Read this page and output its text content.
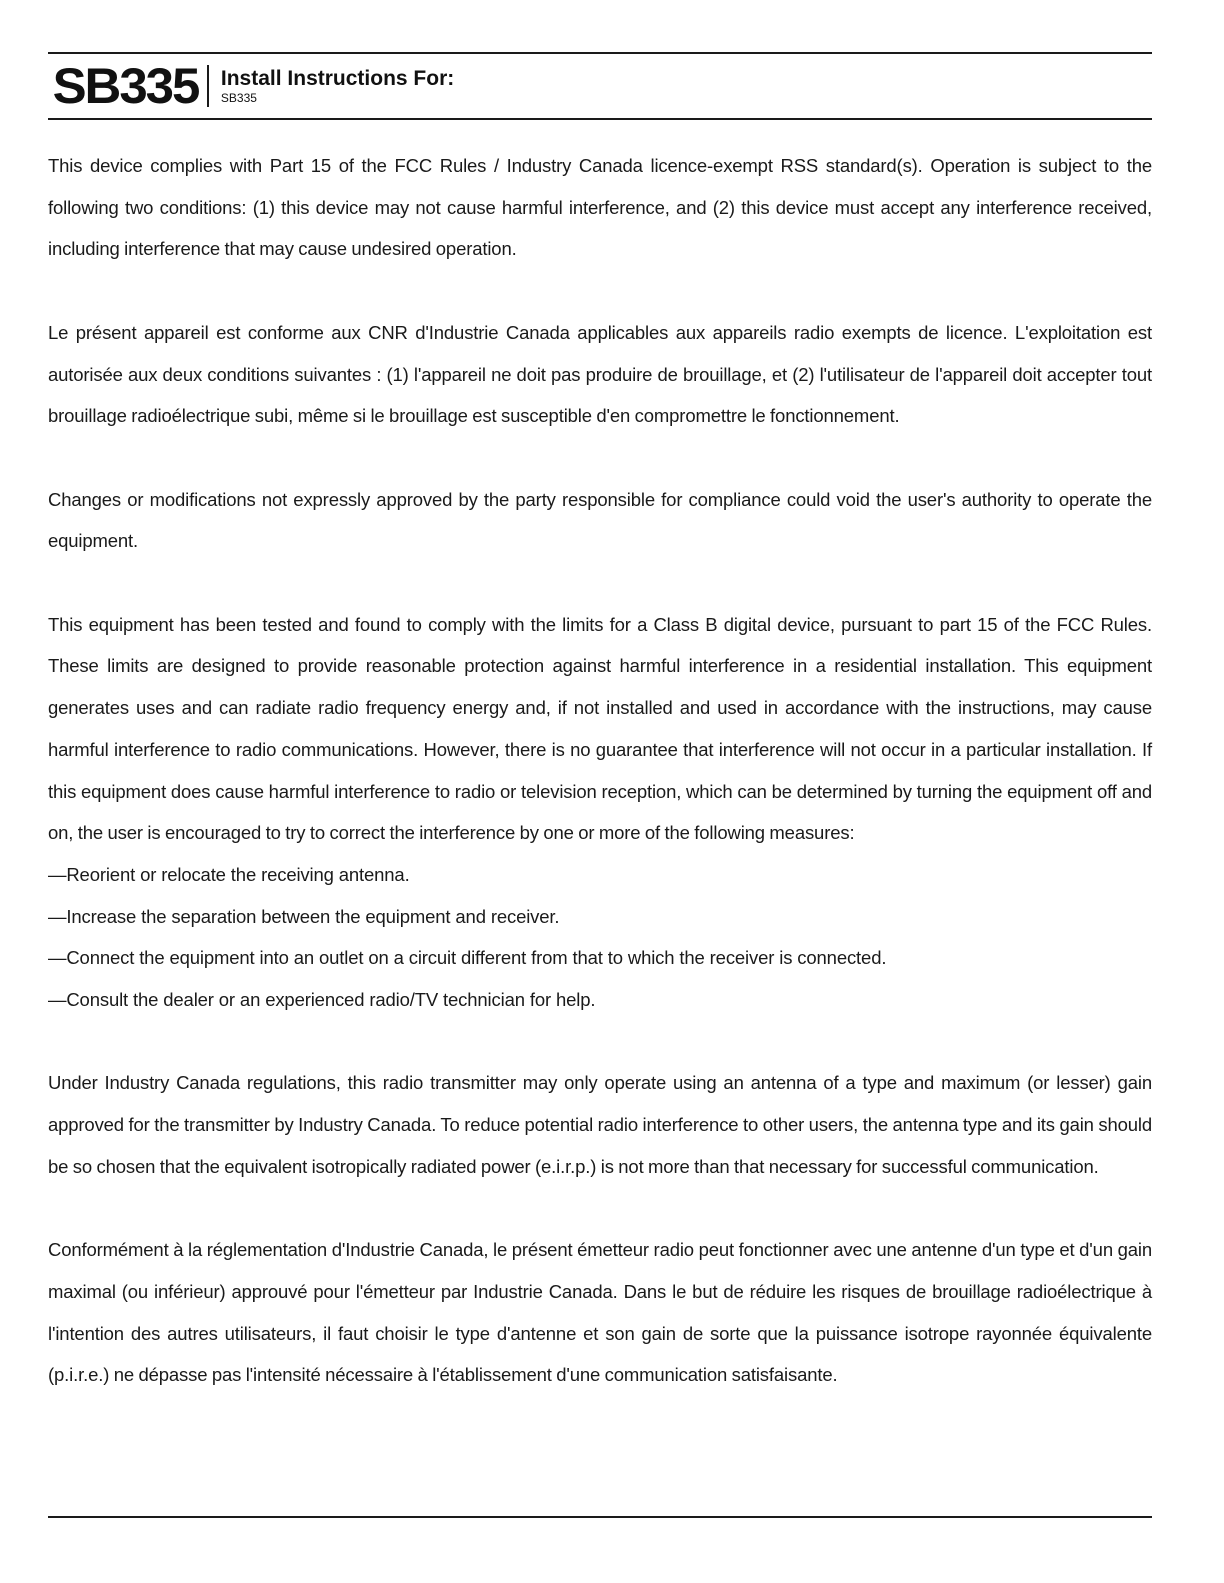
SB335 Install Instructions For:
SB335

This device complies with Part 15 of the FCC Rules / Industry Canada licence-exempt RSS standard(s). Operation is subject to the following two conditions: (1) this device may not cause harmful interference, and (2) this device must accept any interference received, including interference that may cause undesired operation.

Le présent appareil est conforme aux CNR d'Industrie Canada applicables aux appareils radio exempts de licence. L'exploitation est autorisée aux deux conditions suivantes : (1) l'appareil ne doit pas produire de brouillage, et (2) l'utilisateur de l'appareil doit accepter tout brouillage radioélectrique subi, même si le brouillage est susceptible d'en compromettre le fonctionnement.

Changes or modifications not expressly approved by the party responsible for compliance could void the user's authority to operate the equipment.

This equipment has been tested and found to comply with the limits for a Class B digital device, pursuant to part 15 of the FCC Rules. These limits are designed to provide reasonable protection against harmful interference in a residential installation. This equipment generates uses and can radiate radio frequency energy and, if not installed and used in accordance with the instructions, may cause harmful interference to radio communications. However, there is no guarantee that interference will not occur in a particular installation. If this equipment does cause harmful interference to radio or television reception, which can be determined by turning the equipment off and on, the user is encouraged to try to correct the interference by one or more of the following measures:

—Reorient or relocate the receiving antenna.

—Increase the separation between the equipment and receiver.

—Connect the equipment into an outlet on a circuit different from that to which the receiver is connected.

—Consult the dealer or an experienced radio/TV technician for help.

Under Industry Canada regulations, this radio transmitter may only operate using an antenna of a type and maximum (or lesser) gain approved for the transmitter by Industry Canada. To reduce potential radio interference to other users, the antenna type and its gain should be so chosen that the equivalent isotropically radiated power (e.i.r.p.) is not more than that necessary for successful communication.

Conformément à la réglementation d'Industrie Canada, le présent émetteur radio peut fonctionner avec une antenne d'un type et d'un gain maximal (ou inférieur) approuvé pour l'émetteur par Industrie Canada. Dans le but de réduire les risques de brouillage radioélectrique à l'intention des autres utilisateurs, il faut choisir le type d'antenne et son gain de sorte que la puissance isotrope rayonnée équivalente (p.i.r.e.) ne dépasse pas l'intensité nécessaire à l'établissement d'une communication satisfaisante.
